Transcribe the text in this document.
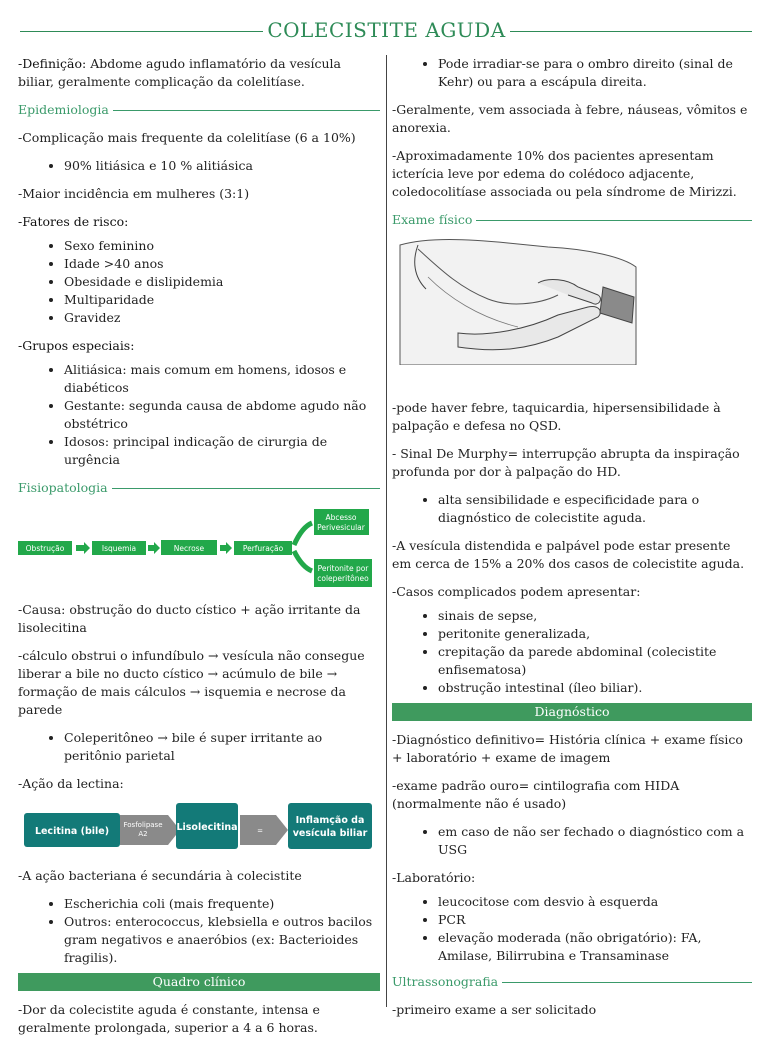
COLECISTITE AGUDA

-Definição: Abdome agudo inflamatório da vesícula biliar, geralmente complicação da colelitíase.

Epidemiologia

-Complicação mais frequente da colelitíase (6 a 10%)

• 90% litiásica e 10 % alitiásica

-Maior incidência em mulheres (3:1)

-Fatores de risco:

• Sexo feminino
• Idade >40 anos
• Obesidade e dislipidemia
• Multiparidade
• Gravidez

-Grupos especiais:

• Alitiásica: mais comum em homens, idosos e diabéticos
• Gestante: segunda causa de abdome agudo não obstétrico
• Idosos: principal indicação de cirurgia de urgência
Fisiopatologia
Obstrução	Isquemia	Necrose	Perfuração
Abcesso
Perivesicular
Peritonite por
coleperitôneo

-Causa: obstrução do ducto cístico + ação irritante da lisolecitina

-cálculo obstrui o infundíbulo → vesícula não consegue liberar a bile no ducto cístico → acúmulo de bile → formação de mais cálculos → isquemia e necrose da parede

• Coleperitôneo → bile é super irritante ao peritônio parietal

-Ação da lectina:

Lecitina (bile)	Lisolecitina
Inflamção da
vesícula biliar
Fosfolipase
A2	=

-A ação bacteriana é secundária à colecistite

• Escherichia coli (mais frequente)
• Outros: enterococcus, klebsiella e outros bacilos gram negativos e anaeróbios (ex: Bacterioides fragilis).
Quadro clínico

-Dor da colecistite aguda é constante, intensa e geralmente prolongada, superior a 4 a 6 horas.

• Pode irradiar-se para o ombro direito (sinal de Kehr) ou para a escápula direita.

-Geralmente, vem associada à febre, náuseas, vômitos e anorexia.

-Aproximadamente 10% dos pacientes apresentam icterícia leve por edema do colédoco adjacente, coledocolitíase associada ou pela síndrome de Mirizzi.

Exame físico

-pode haver febre, taquicardia, hipersensibilidade à palpação e defesa no QSD.

- Sinal De Murphy= interrupção abrupta da inspiração profunda por dor à palpação do HD.

• alta sensibilidade e especificidade para o diagnóstico de colecistite aguda.

-A vesícula distendida e palpável pode estar presente em cerca de 15% a 20% dos casos de colecistite aguda.

-Casos complicados podem apresentar:

• sinais de sepse,
• peritonite generalizada,
• crepitação da parede abdominal (colecistite enfisematosa)
• obstrução intestinal (íleo biliar).
Diagnóstico

-Diagnóstico definitivo= História clínica + exame físico + laboratório + exame de imagem

-exame padrão ouro= cintilografia com HIDA (normalmente não é usado)

• em caso de não ser fechado o diagnóstico com a USG

-Laboratório:

• leucocitose com desvio à esquerda
• PCR
• elevação moderada (não obrigatório): FA, Amilase, Bilirrubina e Transaminase
Ultrassonografia

-primeiro exame a ser solicitado
